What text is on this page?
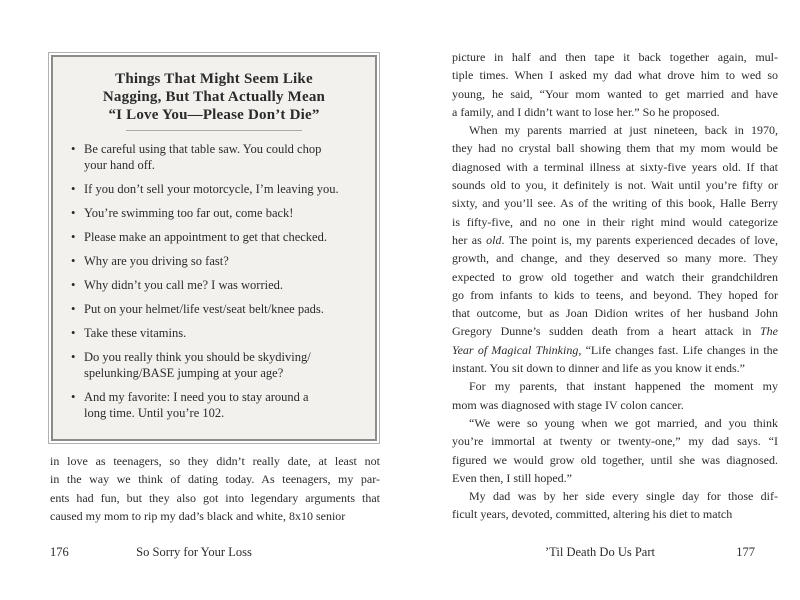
Things That Might Seem Like
Nagging, But That Actually Mean
“I Love You—Please Don’t Die”
• Be careful using that table saw. You could chop
your hand off.
• If you don’t sell your motorcycle, I’m leaving you.
• You’re swimming too far out, come back!
• Please make an appointment to get that checked.
• Why are you driving so fast?
• Why didn’t you call me? I was worried.
• Put on your helmet/life vest/seat belt/knee pads.
• Take these vitamins.
• Do you really think you should be skydiving/
spelunking/BASE jumping at your age?
• And my favorite: I need you to stay around a
long time. Until you’re 102.
in love as teenagers, so they didn’t really date, at least not
in the way we think of dating today. As teenagers, my par-
ents had fun, but they also got into legendary arguments that
caused my mom to rip my dad’s black and white, 8x10 senior
176	So Sorry for Your Loss
picture in half and then tape it back together again, mul-
tiple times. When I asked my dad what drove him to wed so
young, he said, “Your mom wanted to get married and have
a family, and I didn’t want to lose her.” So he proposed.
When my parents married at just nineteen, back in 1970,
they had no crystal ball showing them that my mom would be
diagnosed with a terminal illness at sixty-five years old. If that
sounds old to you, it definitely is not. Wait until you’re fifty or
sixty, and you’ll see. As of the writing of this book, Halle Berry
is fifty-five, and no one in their right mind would categorize
her as old. The point is, my parents experienced decades of love,
growth, and change, and they deserved so many more. They
expected to grow old together and watch their grandchildren
go from infants to kids to teens, and beyond. They hoped for
that outcome, but as Joan Didion writes of her husband John
Gregory Dunne’s sudden death from a heart attack in The
Year of Magical Thinking, “Life changes fast. Life changes in the
instant. You sit down to dinner and life as you know it ends.”
For my parents, that instant happened the moment my
mom was diagnosed with stage IV colon cancer.
“We were so young when we got married, and you think
you’re immortal at twenty or twenty-one,” my dad says. “I
figured we would grow old together, until she was diagnosed.
Even then, I still hoped.”
My dad was by her side every single day for those dif-
ficult years, devoted, committed, altering his diet to match
’Til Death Do Us Part	177
